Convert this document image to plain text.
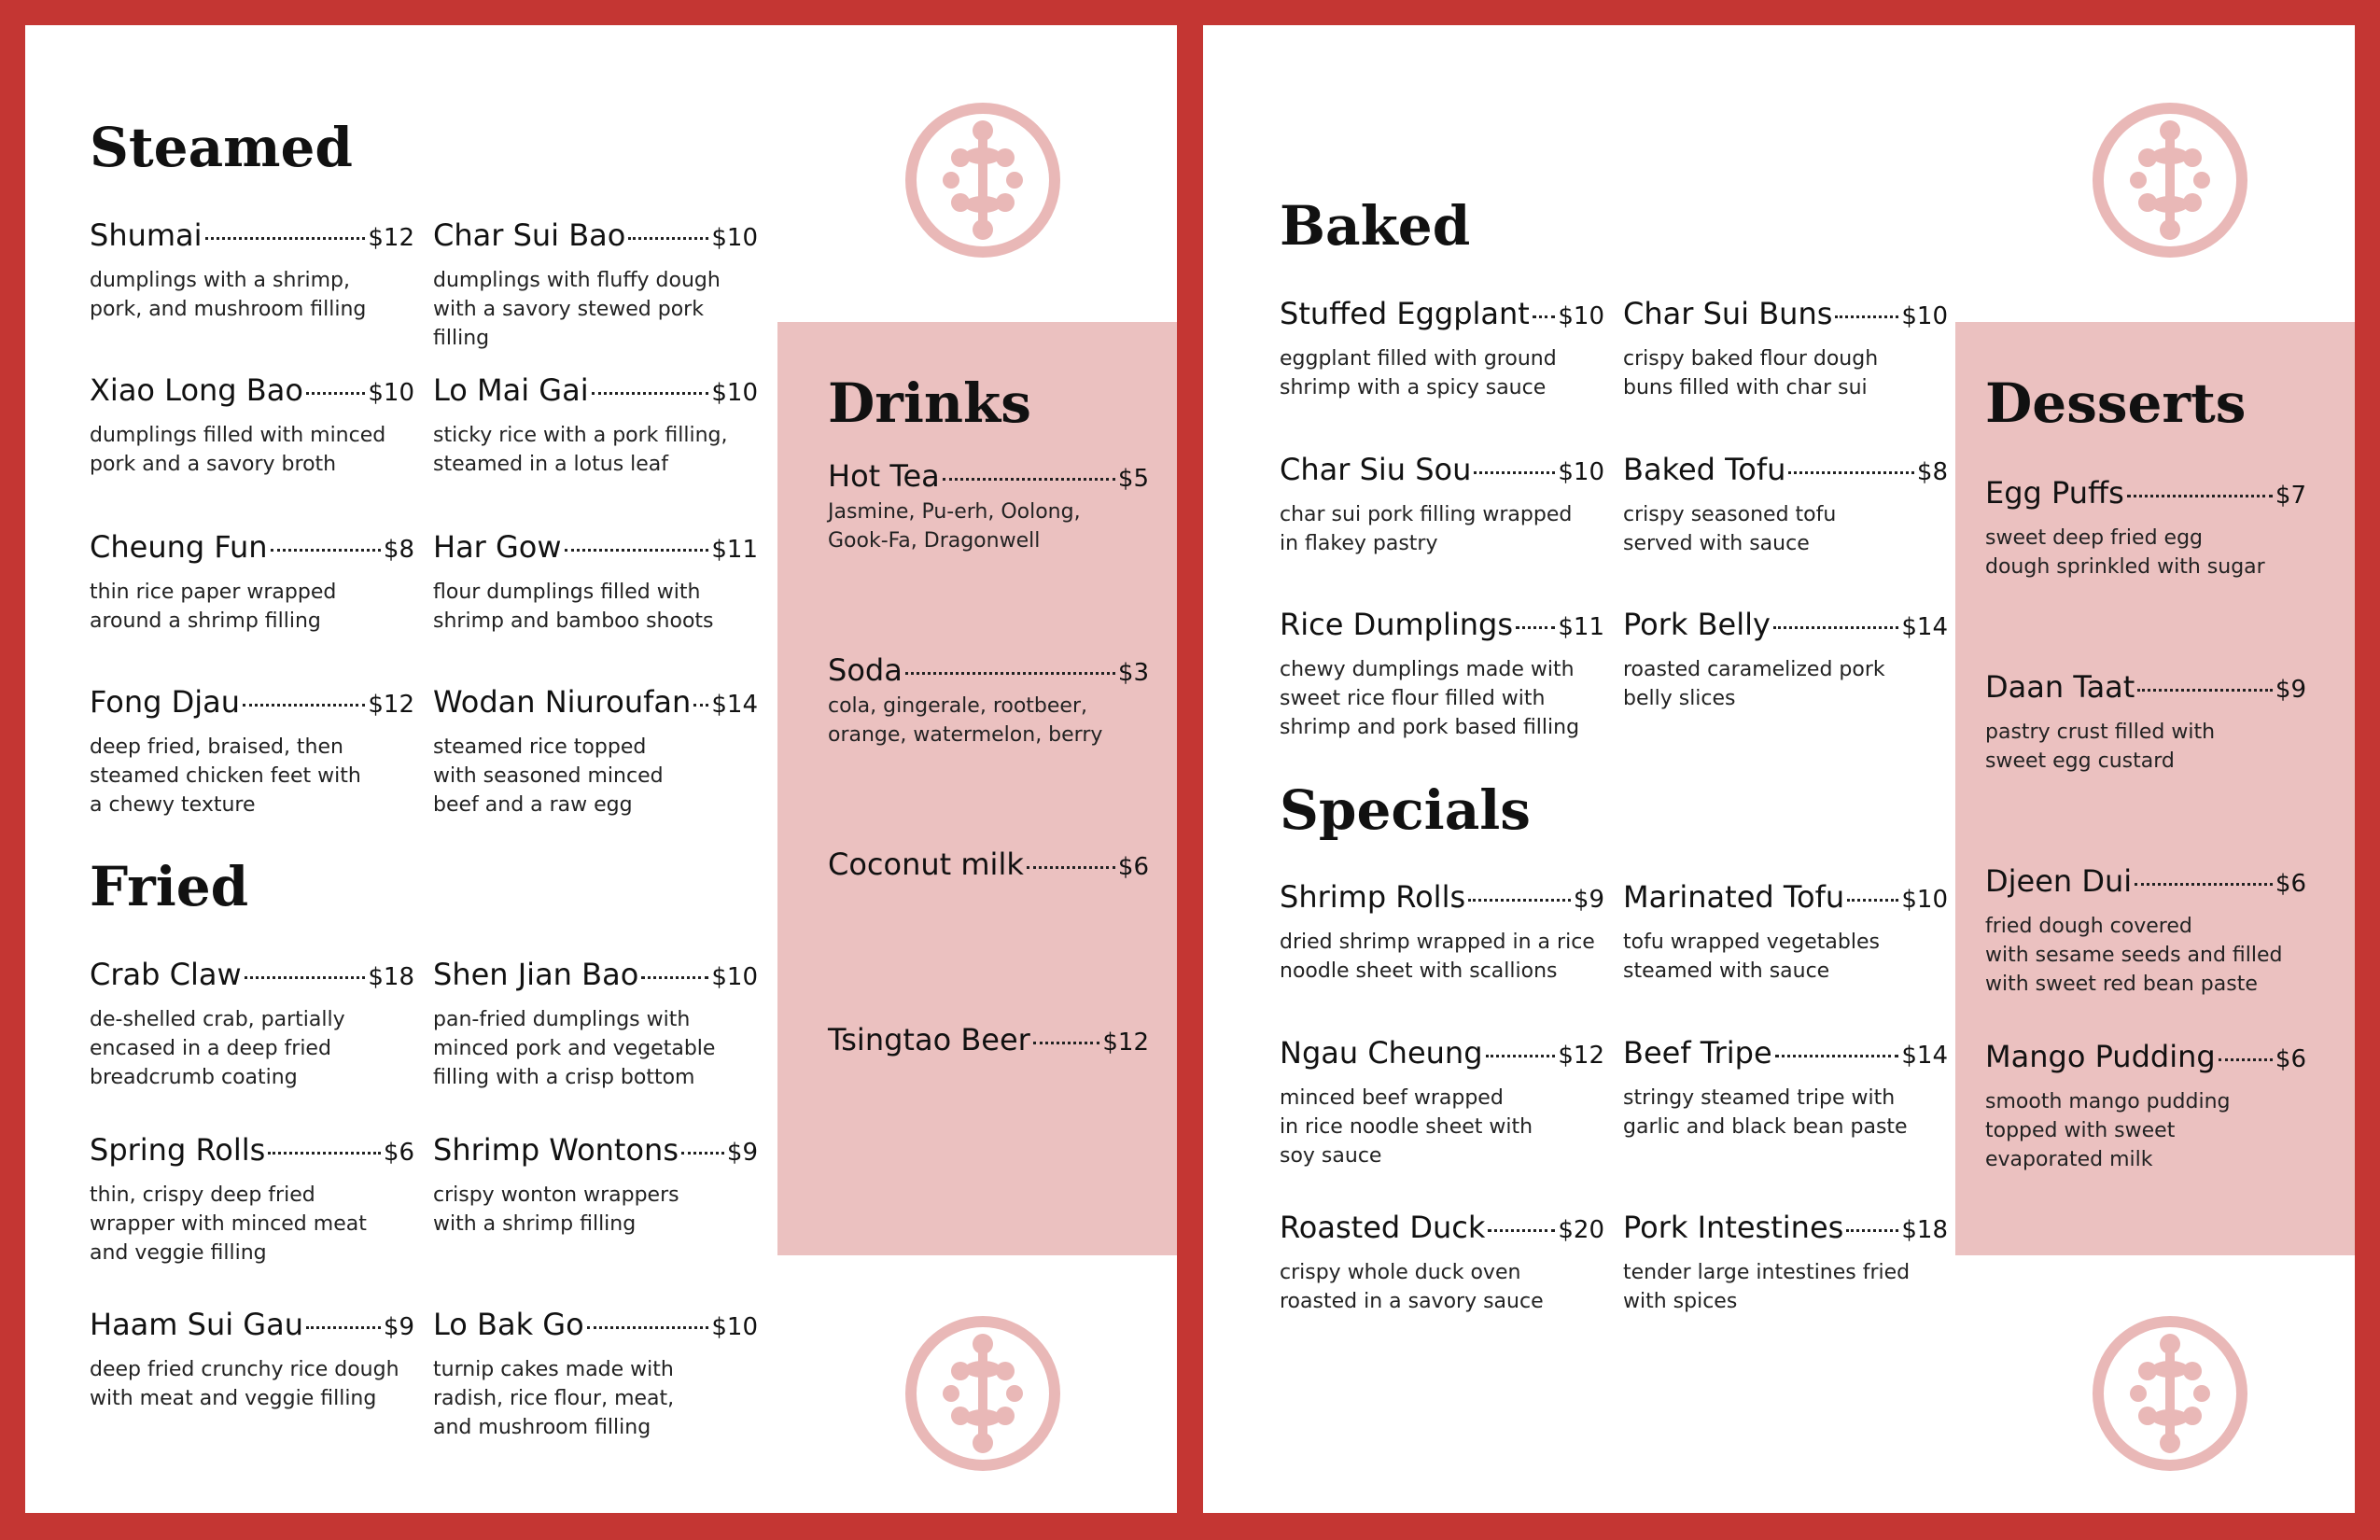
Drinks
Hot Tea	$5
Jasmine, Pu-erh, Oolong,
Gook-Fa, Dragonwell
Soda	$3
cola, gingerale, rootbeer,
orange, watermelon, berry
Coconut milk	$6
Tsingtao Beer	$12
Steamed
Shumai	$12
dumplings with a shrimp,
pork, and mushroom filling
Char Sui Bao	$10
dumplings with fluffy dough
with a savory stewed pork filling
Xiao Long Bao	$10
dumplings filled with minced
pork and a savory broth
Lo Mai Gai	$10
sticky rice with a pork filling,
steamed in a lotus leaf
Cheung Fun	$8
thin rice paper wrapped
around a shrimp filling
Har Gow	$11
flour dumplings filled with
shrimp and bamboo shoots
Fong Djau	$12
deep fried, braised, then
steamed chicken feet with
a chewy texture
Wodan Niuroufan $14
steamed rice topped
with seasoned minced
beef and a raw egg
Fried
Crab Claw	$18
de-shelled crab, partially
encased in a deep fried
breadcrumb coating
Shen Jian Bao	$10
pan-fried dumplings with
minced pork and vegetable
filling with a crisp bottom
Spring Rolls	$6
thin, crispy deep fried
wrapper with minced meat
and veggie filling
Shrimp Wontons $9
crispy wonton wrappers
with a shrimp filling
Haam Sui Gau	$9
deep fried crunchy rice dough
with meat and veggie filling
Lo Bak Go	$10
turnip cakes made with
radish, rice flour, meat,
and mushroom filling
Desserts
Egg Puffs	$7
sweet deep fried egg
dough sprinkled with sugar
Daan Taat	$9
pastry crust filled with
sweet egg custard
Djeen Dui	$6
fried dough covered
with sesame seeds and filled
with sweet red bean paste
Mango Pudding $6
smooth mango pudding
topped with sweet
evaporated milk
Baked
Stuffed Eggplant $10
eggplant filled with ground
shrimp with a spicy sauce
Char Sui Buns	$10
crispy baked flour dough
buns filled with char sui
Char Siu Sou	$10
char sui pork filling wrapped
in flakey pastry
Baked Tofu	$8
crispy seasoned tofu
served with sauce
Rice Dumplings $11
chewy dumplings made with
sweet rice flour filled with
shrimp and pork based filling
Pork Belly	$14
roasted caramelized pork
belly slices
Specials
Shrimp Rolls	$9
dried shrimp wrapped in a rice
noodle sheet with scallions
Marinated Tofu $10
tofu wrapped vegetables
steamed with sauce
Ngau Cheung	$12
minced beef wrapped
in rice noodle sheet with
soy sauce
Beef Tripe	$14
stringy steamed tripe with
garlic and black bean paste
Roasted Duck	$20
crispy whole duck oven
roasted in a savory sauce
Pork Intestines $18
tender large intestines fried
with spices
